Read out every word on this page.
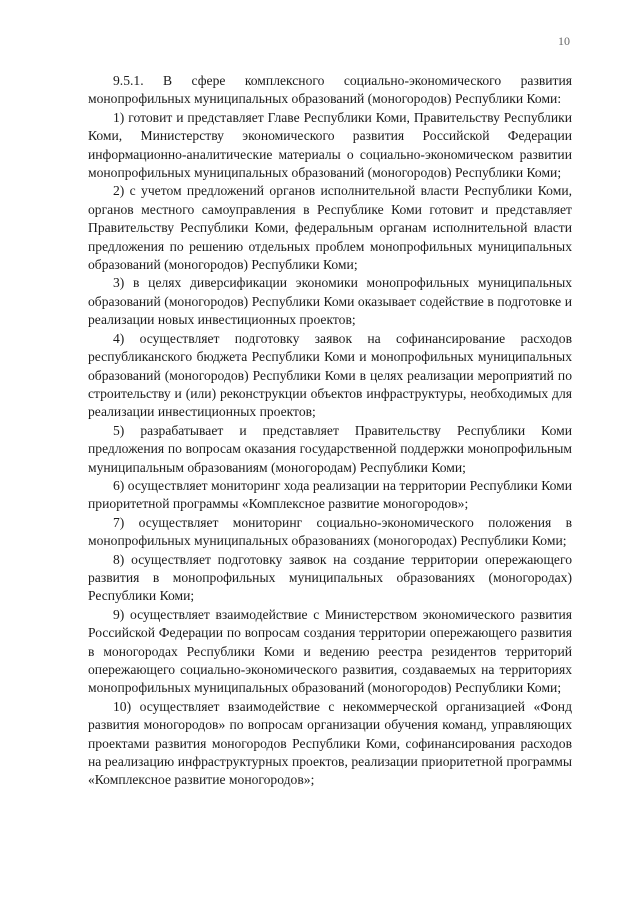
10

9.5.1. В сфере комплексного социально-экономического развития монопрофильных муниципальных образований (моногородов) Республики Коми:

1) готовит и представляет Главе Республики Коми, Правительству Республики Коми, Министерству экономического развития Российской Федерации информационно-аналитические материалы о социально-экономическом развитии монопрофильных муниципальных образований (моногородов) Республики Коми;

2) с учетом предложений органов исполнительной власти Республики Коми, органов местного самоуправления в Республике Коми готовит и представляет Правительству Республики Коми, федеральным органам исполнительной власти предложения по решению отдельных проблем монопрофильных муниципальных образований (моногородов) Республики Коми;

3) в целях диверсификации экономики монопрофильных муниципальных образований (моногородов) Республики Коми оказывает содействие в подготовке и реализации новых инвестиционных проектов;

4) осуществляет подготовку заявок на софинансирование расходов республиканского бюджета Республики Коми и монопрофильных муниципальных образований (моногородов) Республики Коми в целях реализации мероприятий по строительству и (или) реконструкции объектов инфраструктуры, необходимых для реализации инвестиционных проектов;

5) разрабатывает и представляет Правительству Республики Коми предложения по вопросам оказания государственной поддержки монопрофильным муниципальным образованиям (моногородам) Республики Коми;

6) осуществляет мониторинг хода реализации на территории Республики Коми приоритетной программы «Комплексное развитие моногородов»;

7) осуществляет мониторинг социально-экономического положения в монопрофильных муниципальных образованиях (моногородах) Республики Коми;

8) осуществляет подготовку заявок на создание территории опережающего развития в монопрофильных муниципальных образованиях (моногородах) Республики Коми;

9) осуществляет взаимодействие с Министерством экономического развития Российской Федерации по вопросам создания территории опережающего развития в моногородах Республики Коми и ведению реестра резидентов территорий опережающего социально-экономического развития, создаваемых на территориях монопрофильных муниципальных образований (моногородов) Республики Коми;

10) осуществляет взаимодействие с некоммерческой организацией «Фонд развития моногородов» по вопросам организации обучения команд, управляющих проектами развития моногородов Республики Коми, софинансирования расходов на реализацию инфраструктурных проектов, реализации приоритетной программы «Комплексное развитие моногородов»;
